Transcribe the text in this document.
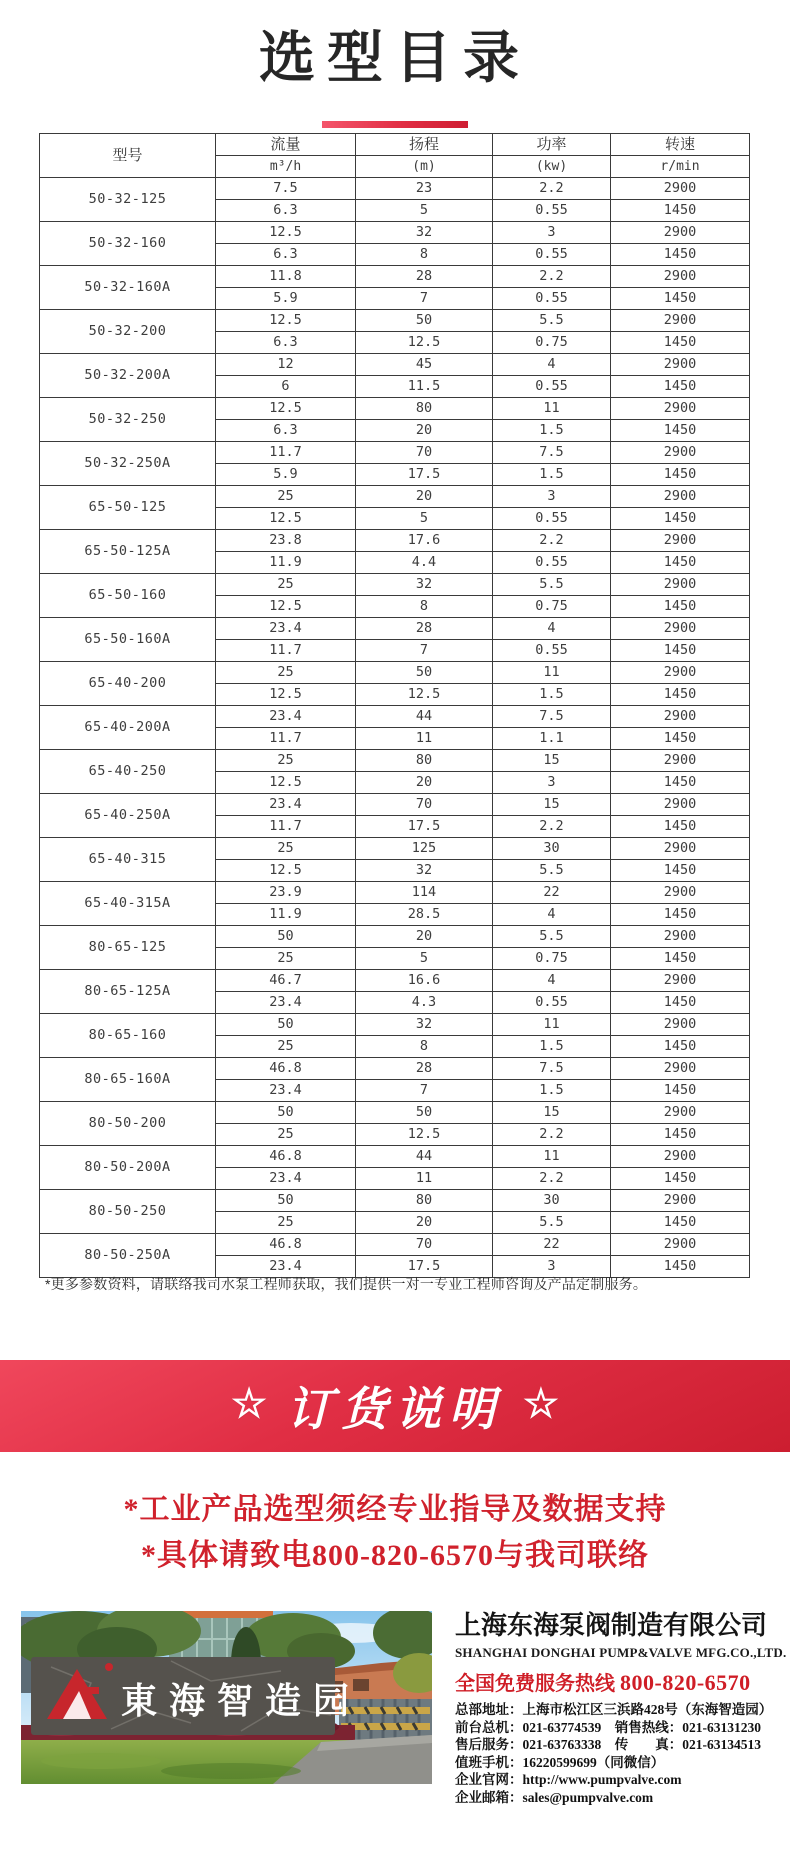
选型目录
型号	流量	扬程	功率	转速
	m³/h	(m)	(kw)	r/min
50-32-125	7.5	23	2.2	2900
	6.3	5	0.55	1450
50-32-160	12.5	32	3	2900
	6.3	8	0.55	1450
50-32-160A	11.8	28	2.2	2900
	5.9	7	0.55	1450
50-32-200	12.5	50	5.5	2900
	6.3	12.5	0.75	1450
50-32-200A	12	45	4	2900
	6	11.5	0.55	1450
50-32-250	12.5	80	11	2900
	6.3	20	1.5	1450
50-32-250A	11.7	70	7.5	2900
	5.9	17.5	1.5	1450
65-50-125	25	20	3	2900
	12.5	5	0.55	1450
65-50-125A	23.8	17.6	2.2	2900
	11.9	4.4	0.55	1450
65-50-160	25	32	5.5	2900
	12.5	8	0.75	1450
65-50-160A	23.4	28	4	2900
	11.7	7	0.55	1450
65-40-200	25	50	11	2900
	12.5	12.5	1.5	1450
65-40-200A	23.4	44	7.5	2900
	11.7	11	1.1	1450
65-40-250	25	80	15	2900
	12.5	20	3	1450
65-40-250A	23.4	70	15	2900
	11.7	17.5	2.2	1450
65-40-315	25	125	30	2900
	12.5	32	5.5	1450
65-40-315A	23.9	114	22	2900
	11.9	28.5	4	1450
80-65-125	50	20	5.5	2900
	25	5	0.75	1450
80-65-125A	46.7	16.6	4	2900
	23.4	4.3	0.55	1450
80-65-160	50	32	11	2900
	25	8	1.5	1450
80-65-160A	46.8	28	7.5	2900
	23.4	7	1.5	1450
80-50-200	50	50	15	2900
	25	12.5	2.2	1450
80-50-200A	46.8	44	11	2900
	23.4	11	2.2	1450
80-50-250	50	80	30	2900
	25	20	5.5	1450
80-50-250A	46.8	70	22	2900
	23.4	17.5	3	1450
*更多参数资料，请联络我司水泵工程师获取，我们提供一对一专业工程师咨询及产品定制服务。
☆ 订货说明 ☆
*工业产品选型须经专业指导及数据支持
*具体请致电800-820-6570与我司联络
東海智造园
上海东海泵阀制造有限公司
SHANGHAI DONGHAI PUMP&VALVE MFG.CO.,LTD.
全国免费服务热线 800-820-6570
总部地址：上海市松江区三浜路428号（东海智造园）
前台总机：021-63774539　销售热线：021-63131230
售后服务：021-63763338　传　　真：021-63134513
值班手机：16220599699（同微信）
企业官网：http://www.pumpvalve.com
企业邮箱：sales@pumpvalve.com
